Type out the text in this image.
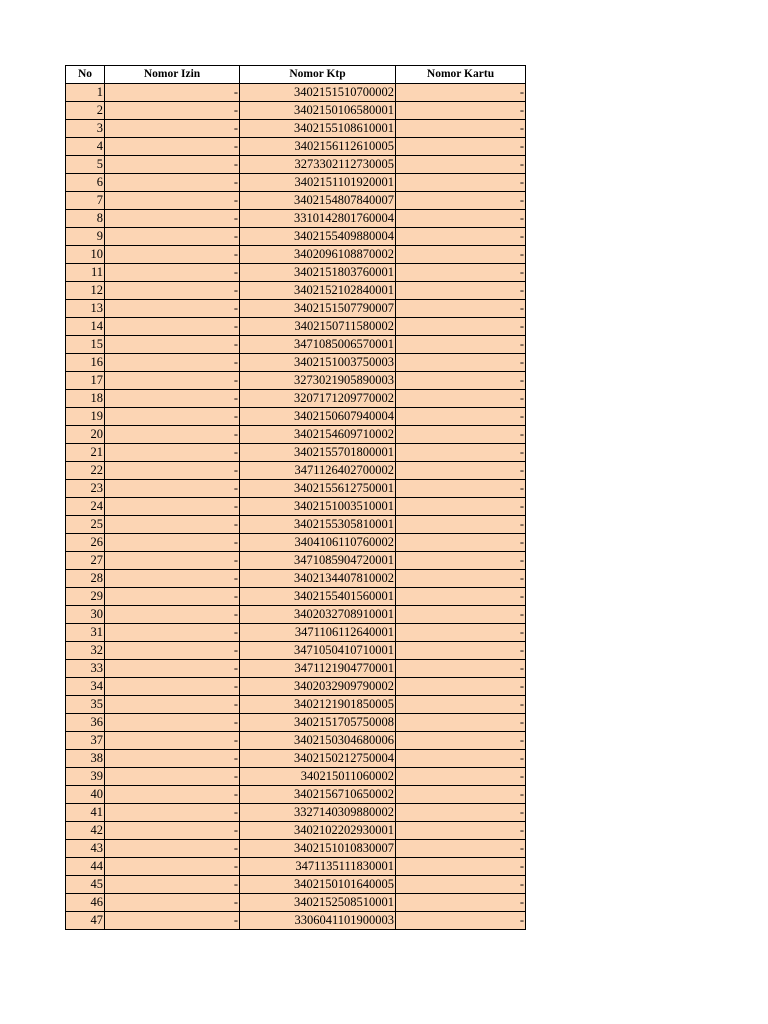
No	Nomor Izin	Nomor Ktp	Nomor Kartu
1	-	3402151510700002	-
2	-	3402150106580001	-
3	-	3402155108610001	-
4	-	3402156112610005	-
5	-	3273302112730005	-
6	-	3402151101920001	-
7	-	3402154807840007	-
8	-	3310142801760004	-
9	-	3402155409880004	-
10	-	3402096108870002	-
11	-	3402151803760001	-
12	-	3402152102840001	-
13	-	3402151507790007	-
14	-	3402150711580002	-
15	-	3471085006570001	-
16	-	3402151003750003	-
17	-	3273021905890003	-
18	-	3207171209770002	-
19	-	3402150607940004	-
20	-	3402154609710002	-
21	-	3402155701800001	-
22	-	3471126402700002	-
23	-	3402155612750001	-
24	-	3402151003510001	-
25	-	3402155305810001	-
26	-	3404106110760002	-
27	-	3471085904720001	-
28	-	3402134407810002	-
29	-	3402155401560001	-
30	-	3402032708910001	-
31	-	3471106112640001	-
32	-	3471050410710001	-
33	-	3471121904770001	-
34	-	3402032909790002	-
35	-	3402121901850005	-
36	-	3402151705750008	-
37	-	3402150304680006	-
38	-	3402150212750004	-
39	-	340215011060002	-
40	-	3402156710650002	-
41	-	3327140309880002	-
42	-	3402102202930001	-
43	-	3402151010830007	-
44	-	3471135111830001	-
45	-	3402150101640005	-
46	-	3402152508510001	-
47	-	3306041101900003	-
